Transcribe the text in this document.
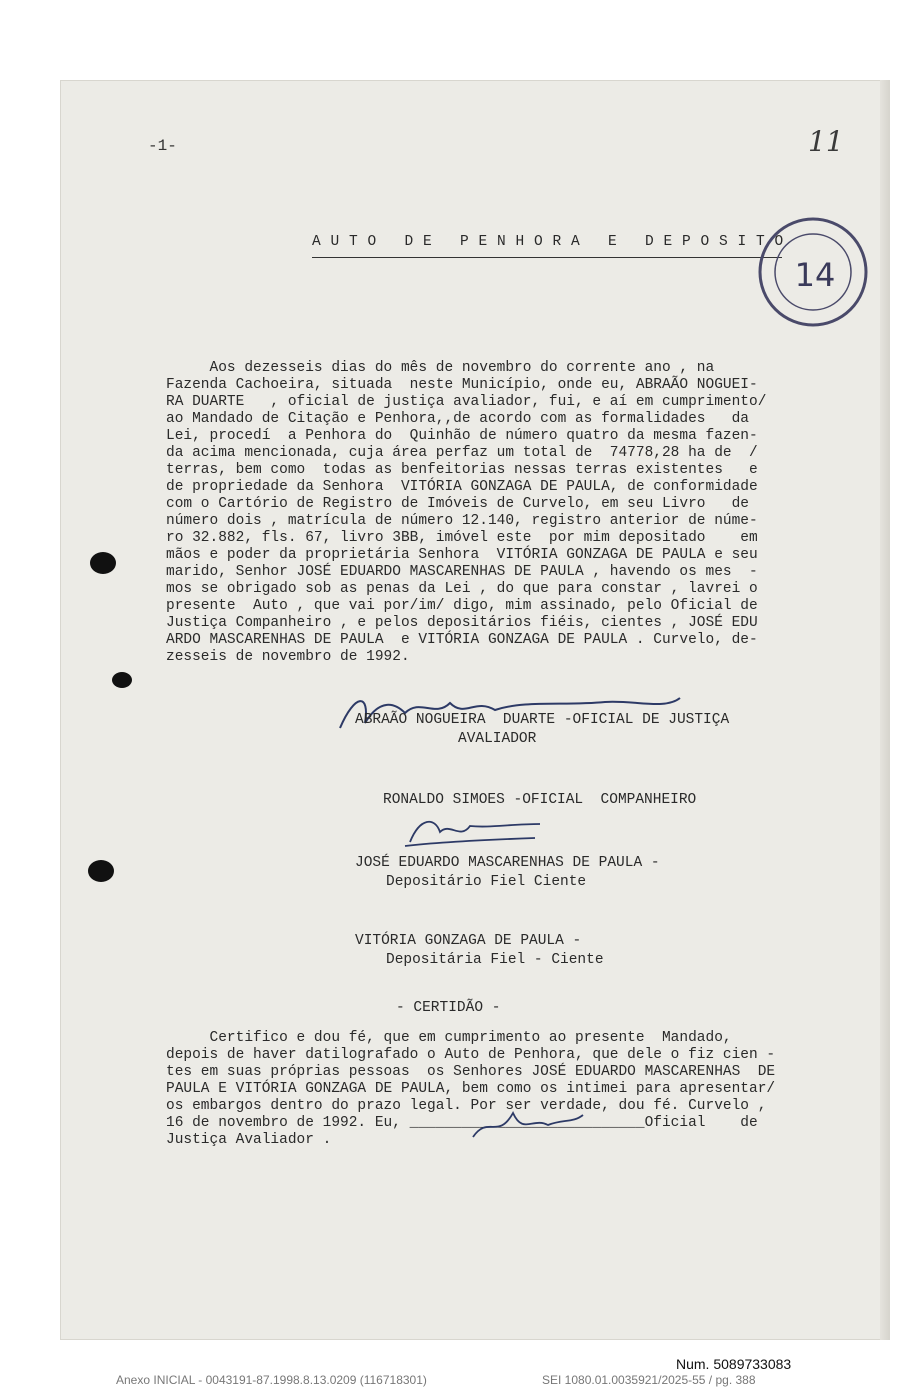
-1-	11
AUTO DE PENHORA E DEPOSITO
14
Aos dezesseis dias do mês de novembro do corrente ano , na
Fazenda Cachoeira, situada  neste Município, onde eu, ABRAÃO NOGUEI-
RA DUARTE   , oficial de justiça avaliador, fui, e aí em cumprimento/
ao Mandado de Citação e Penhora,,de acordo com as formalidades   da
Lei, procedí  a Penhora do  Quinhão de número quatro da mesma fazen-
da acima mencionada, cuja área perfaz um total de  74778,28 ha de  /
terras, bem como  todas as benfeitorias nessas terras existentes   e
de propriedade da Senhora  VITÓRIA GONZAGA DE PAULA, de conformidade
com o Cartório de Registro de Imóveis de Curvelo, em seu Livro   de
número dois , matrícula de número 12.140, registro anterior de núme-
ro 32.882, fls. 67, livro 3BB, imóvel este  por mim depositado    em
mãos e poder da proprietária Senhora  VITÓRIA GONZAGA DE PAULA e seu
marido, Senhor JOSÉ EDUARDO MASCARENHAS DE PAULA , havendo os mes  -
mos se obrigado sob as penas da Lei , do que para constar , lavrei o
presente  Auto , que vai por/im/ digo, mim assinado, pelo Oficial de
Justiça Companheiro , e pelos depositários fiéis, cientes , JOSÉ EDU
ARDO MASCARENHAS DE PAULA  e VITÓRIA GONZAGA DE PAULA . Curvelo, de-
zesseis de novembro de 1992.
ABRAÃO NOGUEIRA  DUARTE -OFICIAL DE JUSTIÇA
AVALIADOR
RONALDO SIMOES -OFICIAL  COMPANHEIRO
JOSÉ EDUARDO MASCARENHAS DE PAULA -
Depositário Fiel Ciente
VITÓRIA GONZAGA DE PAULA -
Depositária Fiel - Ciente
- CERTIDÃO -
Certifico e dou fé, que em cumprimento ao presente  Mandado,
depois de haver datilografado o Auto de Penhora, que dele o fiz cien -
tes em suas próprias pessoas  os Senhores JOSÉ EDUARDO MASCARENHAS  DE
PAULA E VITÓRIA GONZAGA DE PAULA, bem como os intimei para apresentar/
os embargos dentro do prazo legal. Por ser verdade, dou fé. Curvelo ,
16 de novembro de 1992. Eu, ___________________________Oficial    de
Justiça Avaliador .
Num. 5089733083
Anexo INICIAL - 0043191-87.1998.8.13.0209 (116718301)	SEI 1080.01.0035921/2025-55 / pg. 388
